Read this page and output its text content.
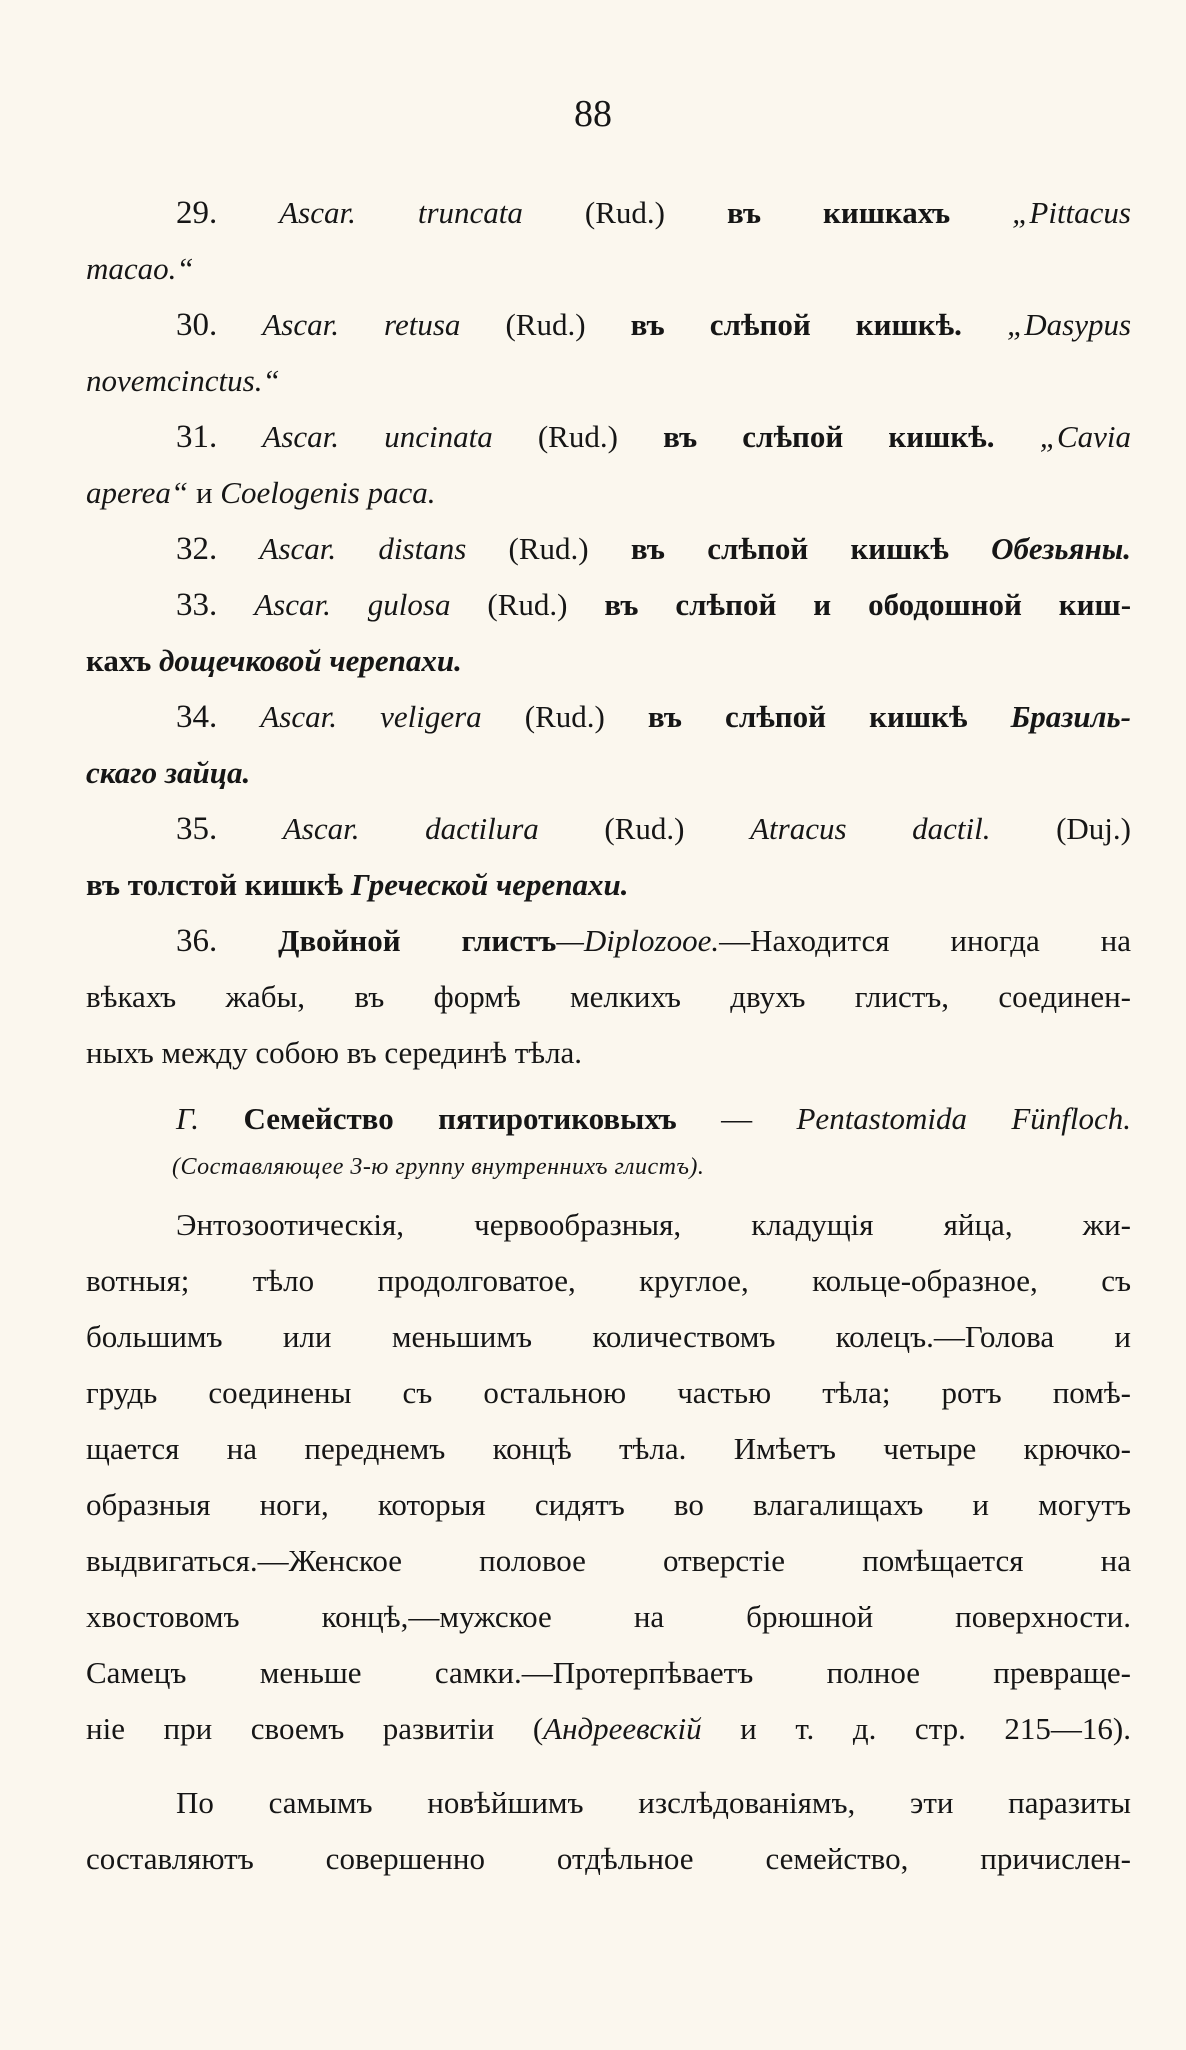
88
29. Ascar. truncata (Rud.) въ кишкахъ „Pittacus
macao.“
30. Ascar. retusa (Rud.) въ слѣпой кишкѣ. „Dasypus
novemcinctus.“
31. Ascar. uncinata (Rud.) въ слѣпой кишкѣ. „Cavia
aperea“ и Coelogenis paca.
32. Ascar. distans (Rud.) въ слѣпой кишкѣ Обезьяны.
33. Ascar. gulosa (Rud.) въ слѣпой и ободошной киш-
кахъ дощечковой черепахи.
34. Ascar. veligera (Rud.) въ слѣпой кишкѣ Бразиль-
скаго зайца.
35. Ascar. dactilura (Rud.) Atracus dactil. (Duj.)
въ толстой кишкѣ Греческой черепахи.
36. Двойной глистъ—Diplozooe.—Находится иногда на
вѣкахъ жабы, въ формѣ мелкихъ двухъ глистъ, соединен-
ныхъ между собою въ серединѣ тѣла.
Г. Семейство пятиротиковыхъ — Pentastomida Fünfloch.
(Составляющее 3-ю группу внутреннихъ глистъ).
Энтозоотическія, червообразныя, кладущія яйца, жи-
вотныя; тѣло продолговатое, круглое, кольце-образное, съ
большимъ или меньшимъ количествомъ колецъ.—Голова и
грудь соединены съ остальною частью тѣла; ротъ помѣ-
щается на переднемъ концѣ тѣла. Имѣетъ четыре крючко-
образныя ноги, которыя сидятъ во влагалищахъ и могутъ
выдвигаться.—Женское половое отверстіе помѣщается на
хвостовомъ концѣ,—мужское на брюшной поверхности.
Самецъ меньше самки.—Протерпѣваетъ полное превраще-
ніе при своемъ развитіи (Андреевскій и т. д. стр. 215—16).
По самымъ новѣйшимъ изслѣдованіямъ, эти паразиты
составляютъ совершенно отдѣльное семейство, причислен-
